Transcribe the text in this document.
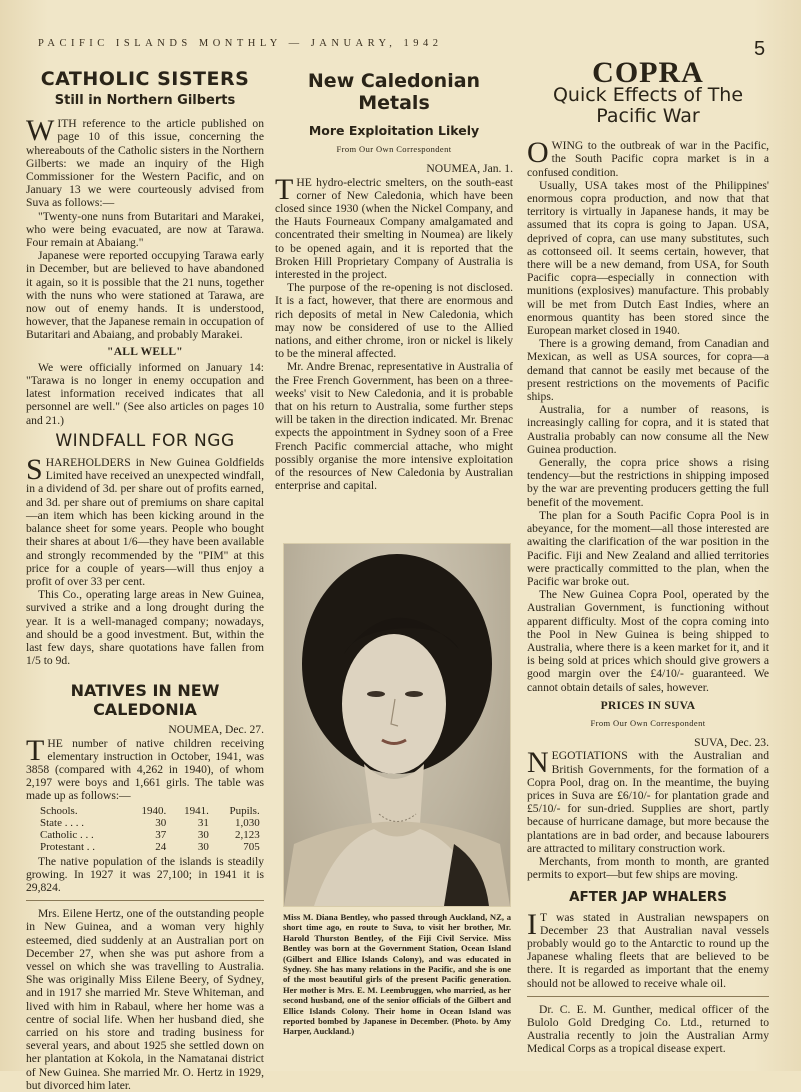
PACIFIC ISLANDS MONTHLY — JANUARY, 1942	5
CATHOLIC SISTERS
Still in Northern Gilberts

WITH reference to the article published on page 10 of this issue, concerning the whereabouts of the Catholic sisters in the Northern Gilberts: we made an inquiry of the High Commissioner for the Western Pacific, and on January 13 we were courteously advised from Suva as follows:—

"Twenty-one nuns from Butaritari and Marakei, who were being evacuated, are now at Tarawa. Four remain at Abaiang."

Japanese were reported occupying Tarawa early in December, but are believed to have abandoned it again, so it is possible that the 21 nuns, together with the nuns who were stationed at Tarawa, are now out of enemy hands. It is understood, however, that the Japanese remain in occupation of Butaritari and Abaiang, and probably Marakei.

"ALL WELL"

We were officially informed on January 14: "Tarawa is no longer in enemy occupation and latest information received indicates that all personnel are well." (See also articles on pages 10 and 21.)

WINDFALL FOR NGG

SHAREHOLDERS in New Guinea Goldfields Limited have received an unexpected windfall, in a dividend of 3d. per share out of profits earned, and 3d. per share out of premiums on share capital—an item which has been kicking around in the balance sheet for some years. People who bought their shares at about 1/6—they have been available and strongly recommended by the "PIM" at this price for a couple of years—will thus enjoy a profit of over 33 per cent.

This Co., operating large areas in New Guinea, survived a strike and a long drought during the year. It is a well-managed company; nowadays, and should be a good investment. But, within the last few days, share quotations have fallen from 1/5 to 9d.

NATIVES IN NEW CALEDONIA

NOUMEA, Dec. 27.

THE number of native children receiving elementary instruction in October, 1941, was 3858 (compared with 4,262 in 1940), of whom 2,197 were boys and 1,661 girls. The table was made up as follows:—

Schools.	1940.	1941.	Pupils.
State . . . .	30	31	1,030
Catholic . . .	37	30	2,123
Protestant . .	24	30	705

The native population of the islands is steadily growing. In 1927 it was 27,100; in 1941 it is 29,824.

Mrs. Eilene Hertz, one of the outstanding people in New Guinea, and a woman very highly esteemed, died suddenly at an Australian port on December 27, when she was put ashore from a vessel on which she was travelling to Australia. She was originally Miss Eilene Beery, of Sydney, and in 1917 she married Mr. Steve Whiteman, and lived with him in Rabaul, where her home was a centre of social life. When her husband died, she carried on his store and trading business for several years, and about 1925 she settled down on her plantation at Kokola, in the Namatanai district of New Guinea. She married Mr. O. Hertz in 1929, but divorced him later.

New Caledonian Metals
More Exploitation Likely
From Our Own Correspondent

NOUMEA, Jan. 1.

THE hydro-electric smelters, on the south-east corner of New Caledonia, which have been closed since 1930 (when the Nickel Company, and the Hauts Fourneaux Company amalgamated and concentrated their smelting in Noumea) are likely to be opened again, and it is reported that the Broken Hill Proprietary Company of Australia is interested in the project.

The purpose of the re-opening is not disclosed. It is a fact, however, that there are enormous and rich deposits of metal in New Caledonia, which may now be considered of use to the Allied nations, and either chrome, iron or nickel is likely to be the mineral affected.

Mr. Andre Brenac, representative in Australia of the Free French Government, has been on a three-weeks' visit to New Caledonia, and it is probable that on his return to Australia, some further steps will be taken in the direction indicated. Mr. Brenac expects the appointment in Sydney soon of a Free French Pacific commercial attache, who might possibly organise the more intensive exploitation of the resources of New Caledonia by Australian enterprise and capital.

Miss M. Diana Bentley, who passed through Auckland, NZ, a short time ago, en route to Suva, to visit her brother, Mr. Harold Thurston Bentley, of the Fiji Civil Service. Miss Bentley was born at the Government Station, Ocean Island (Gilbert and Ellice Islands Colony), and was educated in Sydney. She has many relations in the Pacific, and she is one of the most beautiful girls of the present Pacific generation. Her mother is Mrs. E. M. Leembruggen, who married, as her second husband, one of the senior officials of the Gilbert and Ellice Islands Colony. Their home in Ocean Island was reported bombed by Japanese in December. (Photo. by Amy Harper, Auckland.)
COPRA
Quick Effects of The Pacific War

OWING to the outbreak of war in the Pacific, the South Pacific copra market is in a confused condition.

Usually, USA takes most of the Philippines' enormous copra production, and now that that territory is virtually in Japanese hands, it may be assumed that its copra is going to Japan. USA, deprived of copra, can use many substitutes, such as cottonseed oil. It seems certain, however, that there will be a new demand, from USA, for South Pacific copra—especially in connection with munitions (explosives) manufacture. This probably will be met from Dutch East Indies, where an enormous quantity has been stored since the European market closed in 1940.

There is a growing demand, from Canadian and Mexican, as well as USA sources, for copra—a demand that cannot be easily met because of the present restrictions on the movements of Pacific ships.

Australia, for a number of reasons, is increasingly calling for copra, and it is stated that Australia probably can now consume all the New Guinea production.

Generally, the copra price shows a rising tendency—but the restrictions in shipping imposed by the war are preventing producers getting the full benefit of the movement.

The plan for a South Pacific Copra Pool is in abeyance, for the moment—all those interested are awaiting the clarification of the war position in the Pacific. Fiji and New Zealand and allied territories were practically committed to the plan, when the Pacific war broke out.

The New Guinea Copra Pool, operated by the Australian Government, is functioning without apparent difficulty. Most of the copra coming into the Pool in New Guinea is being shipped to Australia, where there is a keen market for it, and it is being sold at prices which should give growers a good margin over the £4/10/- guaranteed. We cannot obtain details of sales, however.

PRICES IN SUVA
From Our Own Correspondent

SUVA, Dec. 23.

NEGOTIATIONS with the Australian and British Governments, for the formation of a Copra Pool, drag on. In the meantime, the buying prices in Suva are £6/10/- for plantation grade and £5/10/- for sun-dried. Supplies are short, partly because of hurricane damage, but more because the plantations are in bad order, and because labourers are attracted to military construction work.

Merchants, from month to month, are granted permits to export—but few ships are moving.

AFTER JAP WHALERS

I T was stated in Australian newspapers on December 23 that Australian naval vessels probably would go to the Antarctic to round up the Japanese whaling fleets that are believed to be there. It is regarded as important that the enemy should not be allowed to receive whale oil.

Dr. C. E. M. Gunther, medical officer of the Bulolo Gold Dredging Co. Ltd., returned to Australia recently to join the Australian Army Medical Corps as a tropical disease expert.
